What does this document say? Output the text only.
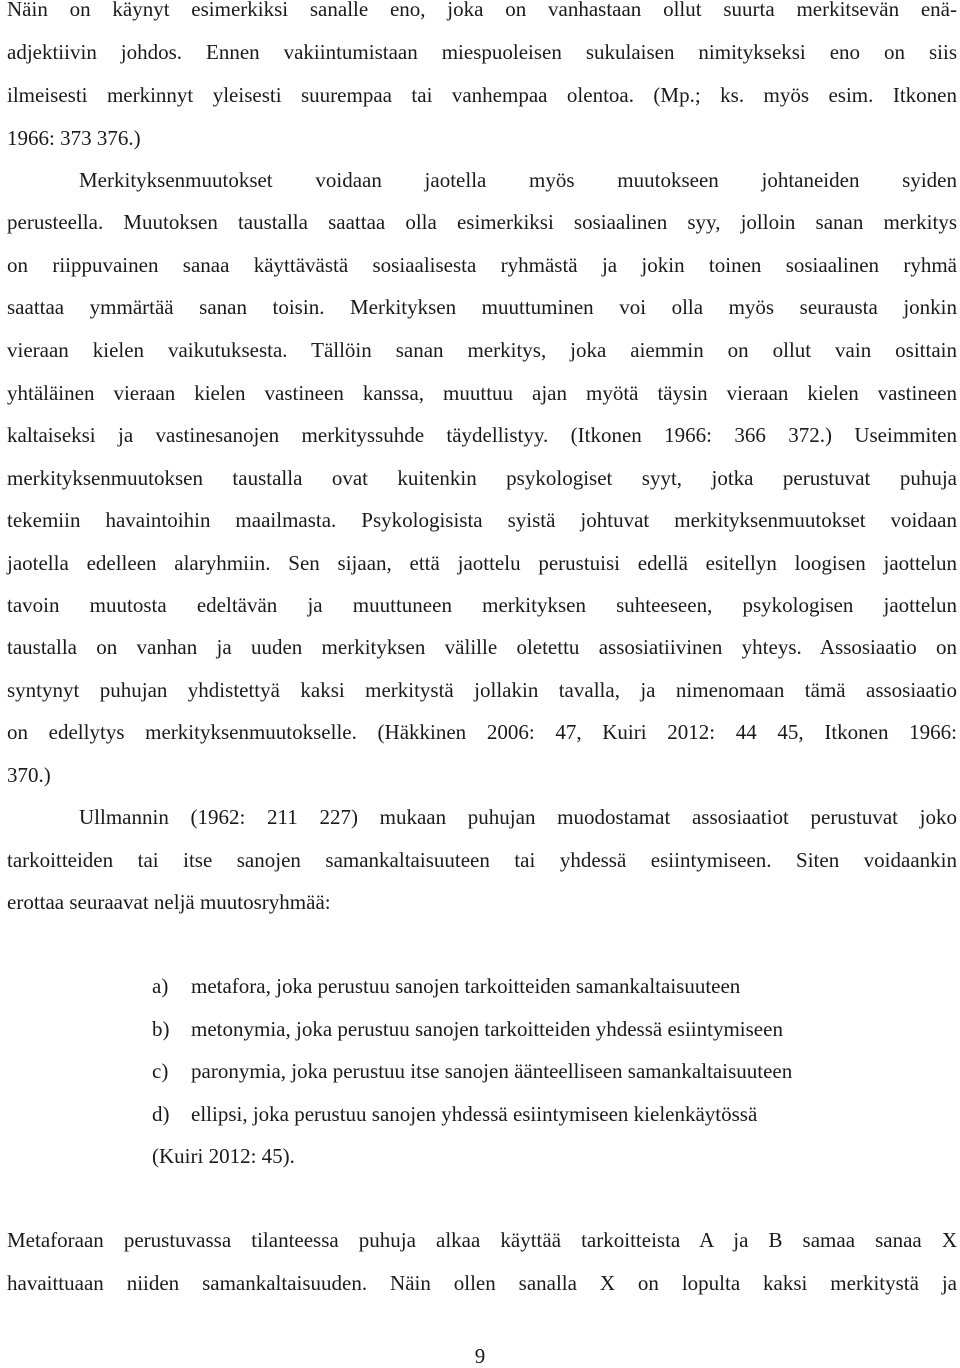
Näin on käynyt esimerkiksi sanalle eno, joka on vanhastaan ollut suurta merkitsevän enä-
adjektiivin johdos. Ennen vakiintumistaan miespuoleisen sukulaisen nimitykseksi eno on siis
ilmeisesti merkinnyt yleisesti suurempaa tai vanhempaa olentoa. (Mp.; ks. myös esim. Itkonen
1966: 373 376.)
Merkityksenmuutokset voidaan jaotella myös muutokseen johtaneiden syiden
perusteella. Muutoksen taustalla saattaa olla esimerkiksi sosiaalinen syy, jolloin sanan merkitys
on riippuvainen sanaa käyttävästä sosiaalisesta ryhmästä ja jokin toinen sosiaalinen ryhmä
saattaa ymmärtää sanan toisin. Merkityksen muuttuminen voi olla myös seurausta jonkin
vieraan kielen vaikutuksesta. Tällöin sanan merkitys, joka aiemmin on ollut vain osittain
yhtäläinen vieraan kielen vastineen kanssa, muuttuu ajan myötä täysin vieraan kielen vastineen
kaltaiseksi ja vastinesanojen merkityssuhde täydellistyy. (Itkonen 1966: 366 372.) Useimmiten
merkityksenmuutoksen taustalla ovat kuitenkin psykologiset syyt, jotka perustuvat puhuja
tekemiin havaintoihin maailmasta. Psykologisista syistä johtuvat merkityksenmuutokset voidaan
jaotella edelleen alaryhmiin. Sen sijaan, että jaottelu perustuisi edellä esitellyn loogisen jaottelun
tavoin muutosta edeltävän ja muuttuneen merkityksen suhteeseen, psykologisen jaottelun
taustalla on vanhan ja uuden merkityksen välille oletettu assosiatiivinen yhteys. Assosiaatio on
syntynyt puhujan yhdistettyä kaksi merkitystä jollakin tavalla, ja nimenomaan tämä assosiaatio
on edellytys merkityksenmuutokselle. (Häkkinen 2006: 47, Kuiri 2012: 44 45, Itkonen 1966:
370.)
Ullmannin (1962: 211 227) mukaan puhujan muodostamat assosiaatiot perustuvat joko
tarkoitteiden tai itse sanojen samankaltaisuuteen tai yhdessä esiintymiseen. Siten voidaankin
erottaa seuraavat neljä muutosryhmää:
a) metafora, joka perustuu sanojen tarkoitteiden samankaltaisuuteen
b) metonymia, joka perustuu sanojen tarkoitteiden yhdessä esiintymiseen
c) paronymia, joka perustuu itse sanojen äänteelliseen samankaltaisuuteen
d) ellipsi, joka perustuu sanojen yhdessä esiintymiseen kielenkäytössä
(Kuiri 2012: 45).
Metaforaan perustuvassa tilanteessa puhuja alkaa käyttää tarkoitteista A ja B samaa sanaa X
havaittuaan niiden samankaltaisuuden. Näin ollen sanalla X on lopulta kaksi merkitystä ja
9
